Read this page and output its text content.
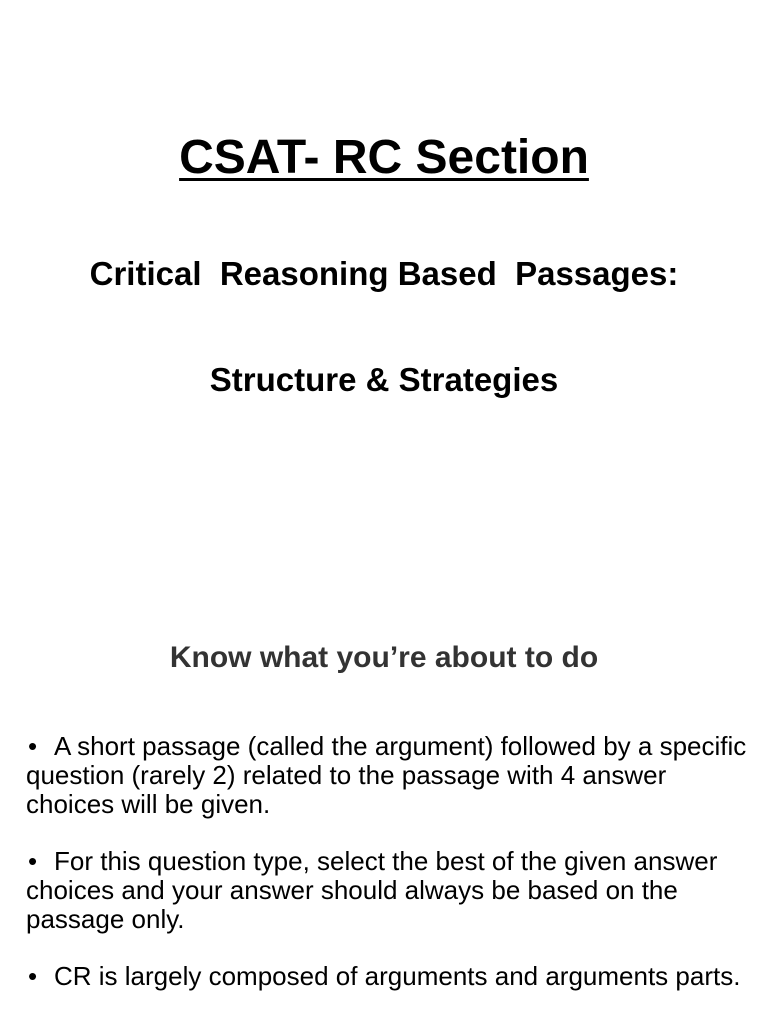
CSAT- RC Section
Critical  Reasoning Based  Passages:
Structure & Strategies
Know what you’re about to do
• A short passage (called the argument) followed by a specific question (rarely 2) related to the passage with 4 answer choices will be given.
• For this question type, select the best of the given answer choices and your answer should always be based on the passage only.
• CR is largely composed of arguments and arguments parts.
